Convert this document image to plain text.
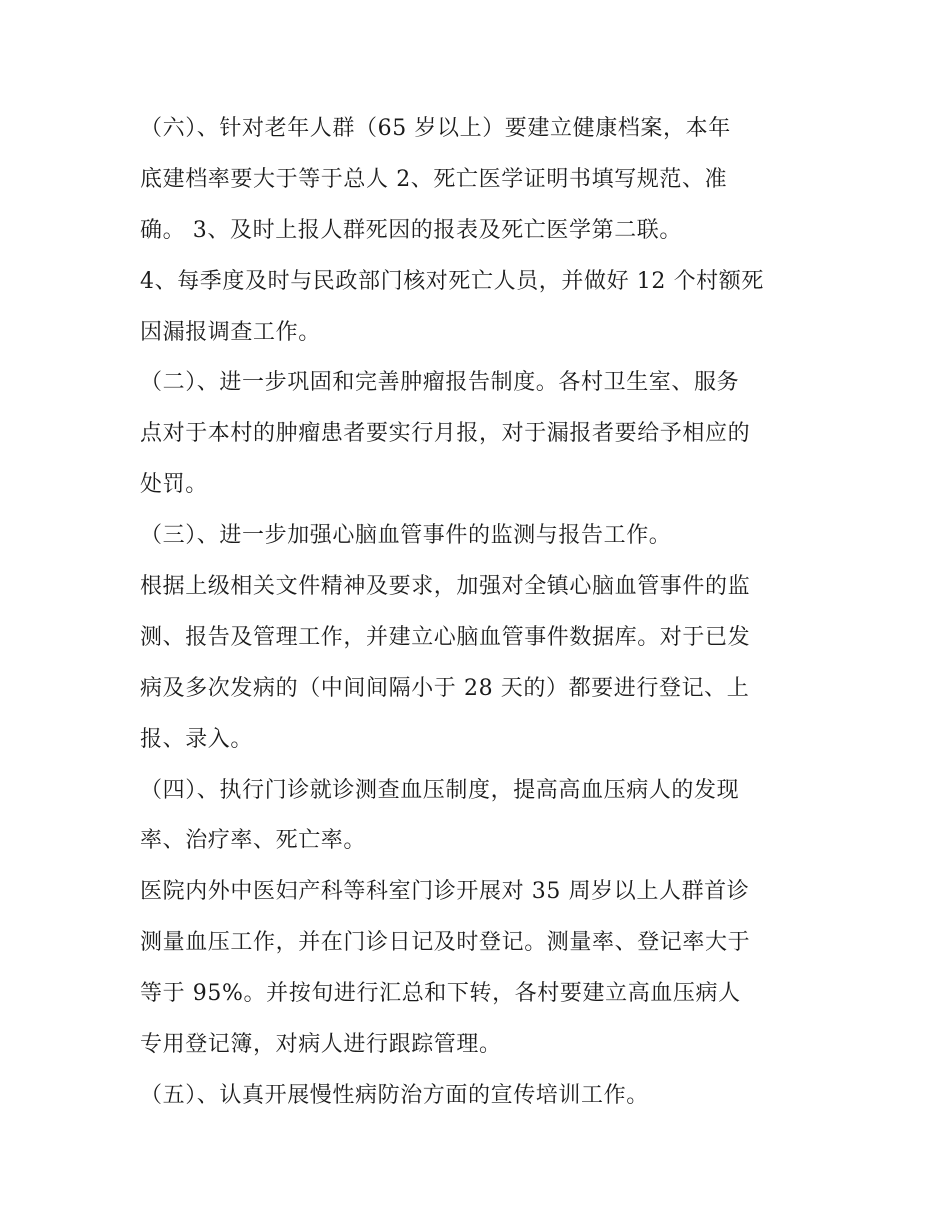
（六）、针对老年人群（65 岁以上）要建立健康档案，本年
底建档率要大于等于总人 2、死亡医学证明书填写规范、准
确。 3、及时上报人群死因的报表及死亡医学第二联。
4、每季度及时与民政部门核对死亡人员，并做好 12 个村额死
因漏报调查工作。
（二）、进一步巩固和完善肿瘤报告制度。各村卫生室、服务
点对于本村的肿瘤患者要实行月报，对于漏报者要给予相应的
处罚。
（三）、进一步加强心脑血管事件的监测与报告工作。
根据上级相关文件精神及要求，加强对全镇心脑血管事件的监
测、报告及管理工作，并建立心脑血管事件数据库。对于已发
病及多次发病的（中间间隔小于 28 天的）都要进行登记、上
报、录入。
（四）、执行门诊就诊测查血压制度，提高高血压病人的发现
率、治疗率、死亡率。
医院内外中医妇产科等科室门诊开展对 35 周岁以上人群首诊
测量血压工作，并在门诊日记及时登记。测量率、登记率大于
等于 95%。并按旬进行汇总和下转，各村要建立高血压病人
专用登记簿，对病人进行跟踪管理。
（五）、认真开展慢性病防治方面的宣传培训工作。
